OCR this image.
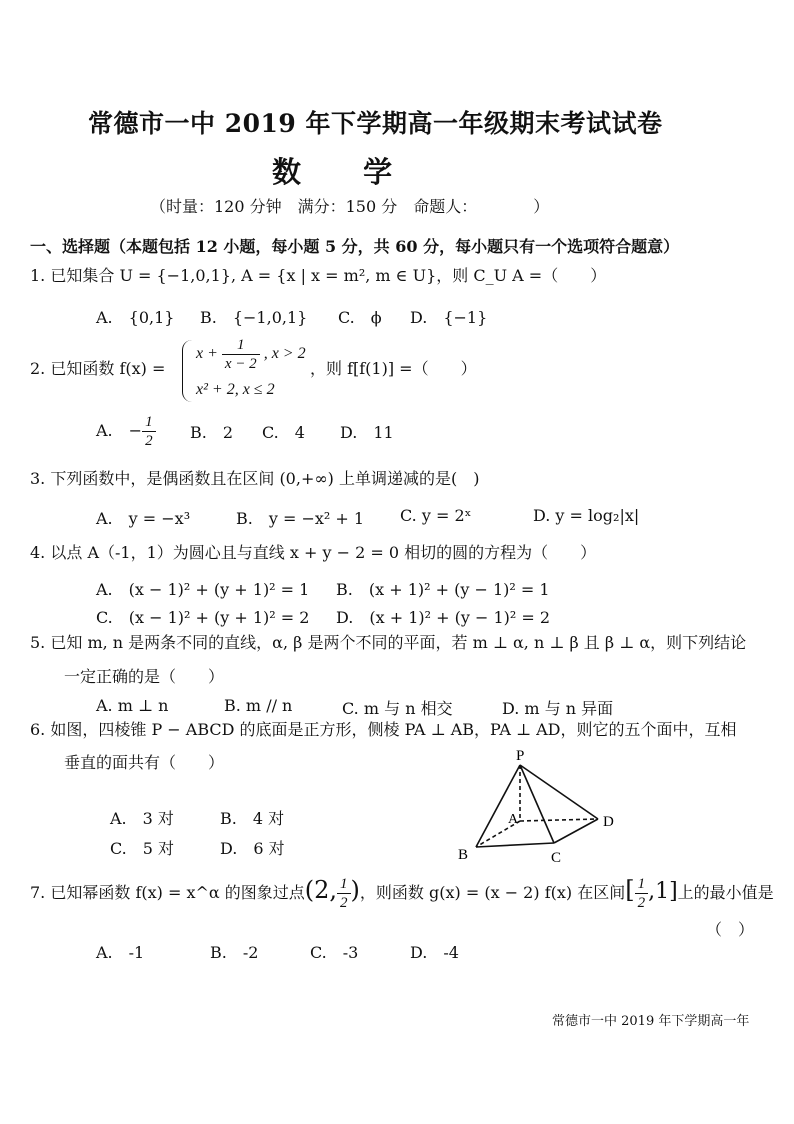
常德市一中 2019 年下学期高一年级期末考试试卷
数 学
（时量：120 分钟　满分：150 分　命题人：　　　　）
一、选择题（本题包括 12 小题，每小题 5 分，共 60 分，每小题只有一个选项符合题意）
1. 已知集合 U = {−1,0,1}, A = {x | x = m², m ∈ U}，则 C_U A =（　　）
A.　{0,1} B.　{−1,0,1} C.　ϕ D.　{−1}
2. 已知函数 f(x) =
$x + \frac{1}{x - 2}$ , x > 2
x² + 2, x ≤ 2
，则 f[f(1)] =（　　）
A.　− $\frac{1}{2} B$.　2 C.　4 D.　11
3. 下列函数中，是偶函数且在区间 (0,+∞) 上单调递减的是(　)
A.　y = −x³	B.　y = −x² + 1 C. y = 2ˣ	D. y = log₂|x|
4. 以点 A（-1，1）为圆心且与直线 x + y − 2 = 0 相切的圆的方程为（　　）
A.　(x − 1)² + (y + 1)² = 1 B.　(x + 1)² + (y − 1)² = 1
C.　(x − 1)² + (y + 1)² = 2 D.　(x + 1)² + (y − 1)² = 2
5. 已知 m, n 是两条不同的直线，α, β 是两个不同的平面，若 m ⊥ α, n ⊥ β 且 β ⊥ α，则下列结论
一定正确的是（　　）
A. m ⊥ n	B. m // n	C. m 与 n 相交	D. m 与 n 异面
6. 如图，四棱锥 P − ABCD 的底面是正方形，侧棱 PA ⊥ AB，PA ⊥ AD，则它的五个面中，互相
垂直的面共有（　　）
A.　3 对	B.　4 对
C.　5 对	D.　6 对
P
A
B	C
D
7. 已知幂函数 f(x) = x^α 的图象过点(2, $\frac{1}{2}$ )，则函数 g(x) = (x − 2) f(x) 在区间[ $\frac{1}{2} ,1$]上的最小值是
（　）
A.　-1	B.　-2	C.　-3	D.　-4
常德市一中 2019 年下学期高一年
